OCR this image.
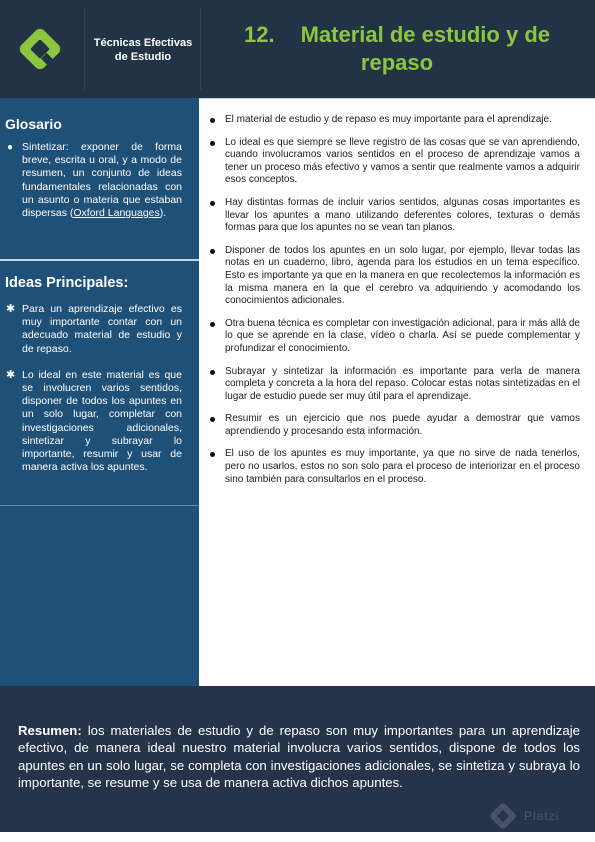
Técnicas Efectivas de Estudio
12. Material de estudio y de repaso
Glosario
● Sintetizar: exponer de forma breve, escrita u oral, y a modo de resumen, un conjunto de ideas fundamentales relacionadas con un asunto o materia que estaban dispersas (Oxford Languages).
Ideas Principales:
✱ Para un aprendizaje efectivo es muy importante contar con un adecuado material de estudio y de repaso.
✱ Lo ideal en este material es que se involucren varios sentidos, disponer de todos los apuntes en un solo lugar, completar con investigaciones adicionales, sintetizar y subrayar lo importante, resumir y usar de manera activa los apuntes.
El material de estudio y de repaso es muy importante para el aprendizaje.
Lo ideal es que siempre se lleve registro de las cosas que se van aprendiendo, cuando involucramos varios sentidos en el proceso de aprendizaje vamos a tener un proceso más efectivo y vamos a sentir que realmente vamos a adquirir esos conceptos.
Hay distintas formas de incluir varios sentidos, algunas cosas importantes es llevar los apuntes a mano utilizando deferentes colores, texturas o demás formas para que los apuntes no se vean tan planos.
Disponer de todos los apuntes en un solo lugar, por ejemplo, llevar todas las notas en un cuaderno, libro, agenda para los estudios en un tema específico. Esto es importante ya que en la manera en que recolectemos la información es la misma manera en la que el cerebro va adquiriendo y acomodando los conocimientos adicionales.
Otra buena técnica es completar con investigación adicional, para ir más allá de lo que se aprende en la clase, vídeo o charla. Así se puede complementar y profundizar el conocimiento.
Subrayar y sintetizar la información es importante para verla de manera completa y concreta a la hora del repaso. Colocar estas notas sintetizadas en el lugar de estudio puede ser muy útil para el aprendizaje.
Resumir es un ejercicio que nos puede ayudar a demostrar que vamos aprendiendo y procesando esta información.
El uso de los apuntes es muy importante, ya que no sirve de nada tenerlos, pero no usarlos, estos no son solo para el proceso de interiorizar en el proceso sino también para consultarlos en el proceso.

Resumen: los materiales de estudio y de repaso son muy importantes para un aprendizaje efectivo, de manera ideal nuestro material involucra varios sentidos, dispone de todos los apuntes en un solo lugar, se completa con investigaciones adicionales, se sintetiza y subraya lo importante, se resume y se usa de manera activa dichos apuntes.

Platzi
